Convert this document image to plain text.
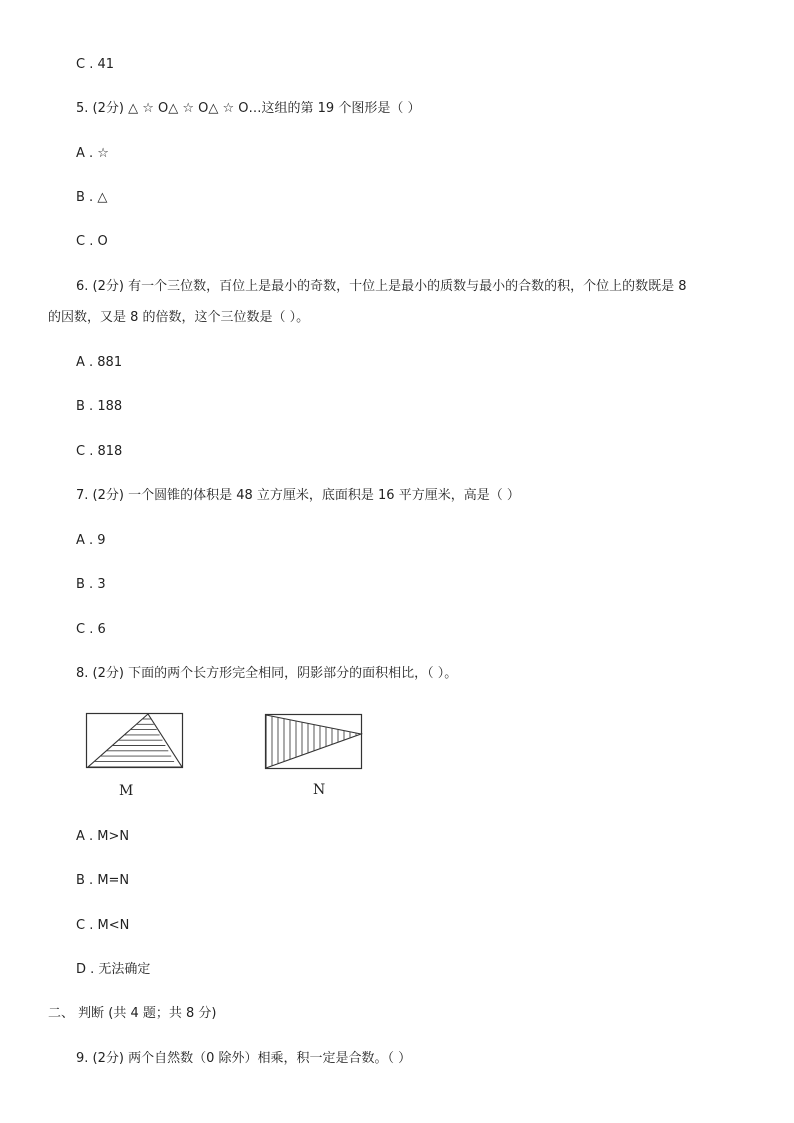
C . 41
5. (2分) △ ☆ O△ ☆ O△ ☆ O…这组的第 19 个图形是（ ）
A . ☆
B . △
C . O
6. (2分) 有一个三位数，百位上是最小的奇数，十位上是最小的质数与最小的合数的积，个位上的数既是 8
的因数，又是 8 的倍数，这个三位数是（ ）。
A . 881
B . 188
C . 818
7. (2分) 一个圆锥的体积是 48 立方厘米，底面积是 16 平方厘米，高是（ ）
A . 9
B . 3
C . 6
8. (2分) 下面的两个长方形完全相同，阴影部分的面积相比，（ ）。
M	N
A . M>N
B . M=N
C . M<N
D . 无法确定
二、 判断 (共 4 题；共 8 分)
9. (2分) 两个自然数（0 除外）相乘，积一定是合数。（ ）
